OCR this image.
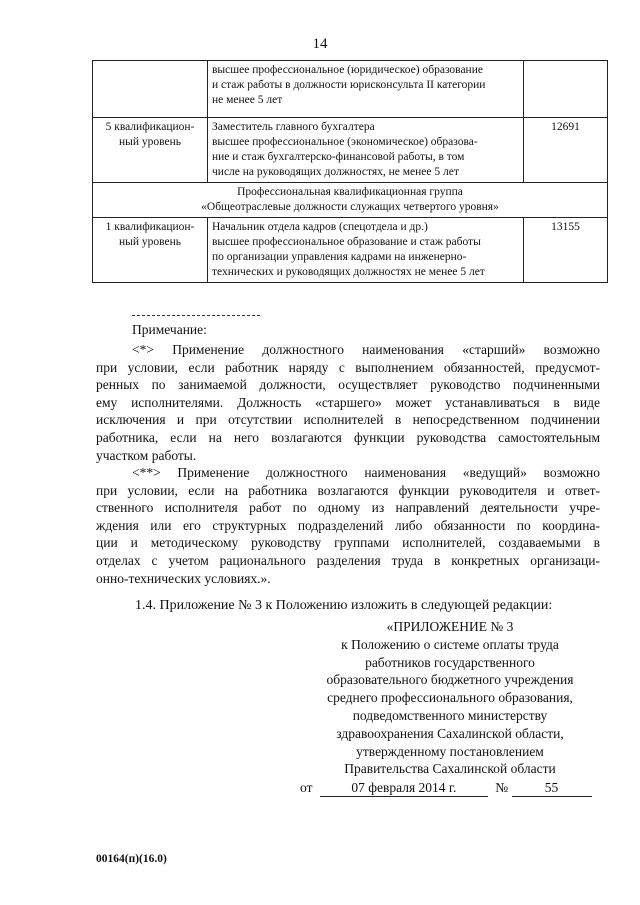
14

	высшее профессиональное (юридическое) образование
и стаж работы в должности юрисконсульта II категории
не менее 5 лет	

5 квалификацион-
ный уровень	Заместитель главного бухгалтера
высшее профессиональное (экономическое) образова-
ние и стаж бухгалтерско-финансовой работы, в том
числе на руководящих должностях, не менее 5 лет	12691

Профессиональная квалификационная группа
«Общеотраслевые должности служащих четвертого уровня»		

1 квалификацион-
ный уровень	Начальник отдела кадров (спецотдела и др.)
высшее профессиональное образование и стаж работы
по организации управления кадрами на инженерно-
технических и руководящих должностях не менее 5 лет	13155
Примечание:
<*> Применение должностного наименования «старший» возможно
при условии, если работник наряду с выполнением обязанностей, предусмот-
ренных по занимаемой должности, осуществляет руководство подчиненными
ему исполнителями. Должность «старшего» может устанавливаться в виде
исключения и при отсутствии исполнителей в непосредственном подчинении
работника, если на него возлагаются функции руководства самостоятельным
участком работы.
<**> Применение должностного наименования «ведущий» возможно
при условии, если на работника возлагаются функции руководителя и ответ-
ственного исполнителя работ по одному из направлений деятельности учре-
ждения или его структурных подразделений либо обязанности по координа-
ции и методическому руководству группами исполнителей, создаваемыми в
отделах с учетом рационального разделения труда в конкретных организаци-
онно-технических условиях.».
1.4. Приложение № 3 к Положению изложить в следующей редакции:
«ПРИЛОЖЕНИЕ № 3
к Положению о системе оплаты труда
работников государственного
образовательного бюджетного учреждения
среднего профессионального образования,
подведомственного министерству
здравоохранения Сахалинской области,
утвержденному постановлением
Правительства Сахалинской области
от	07 февраля 2014 г.	№	55
00164(п)(16.0)
